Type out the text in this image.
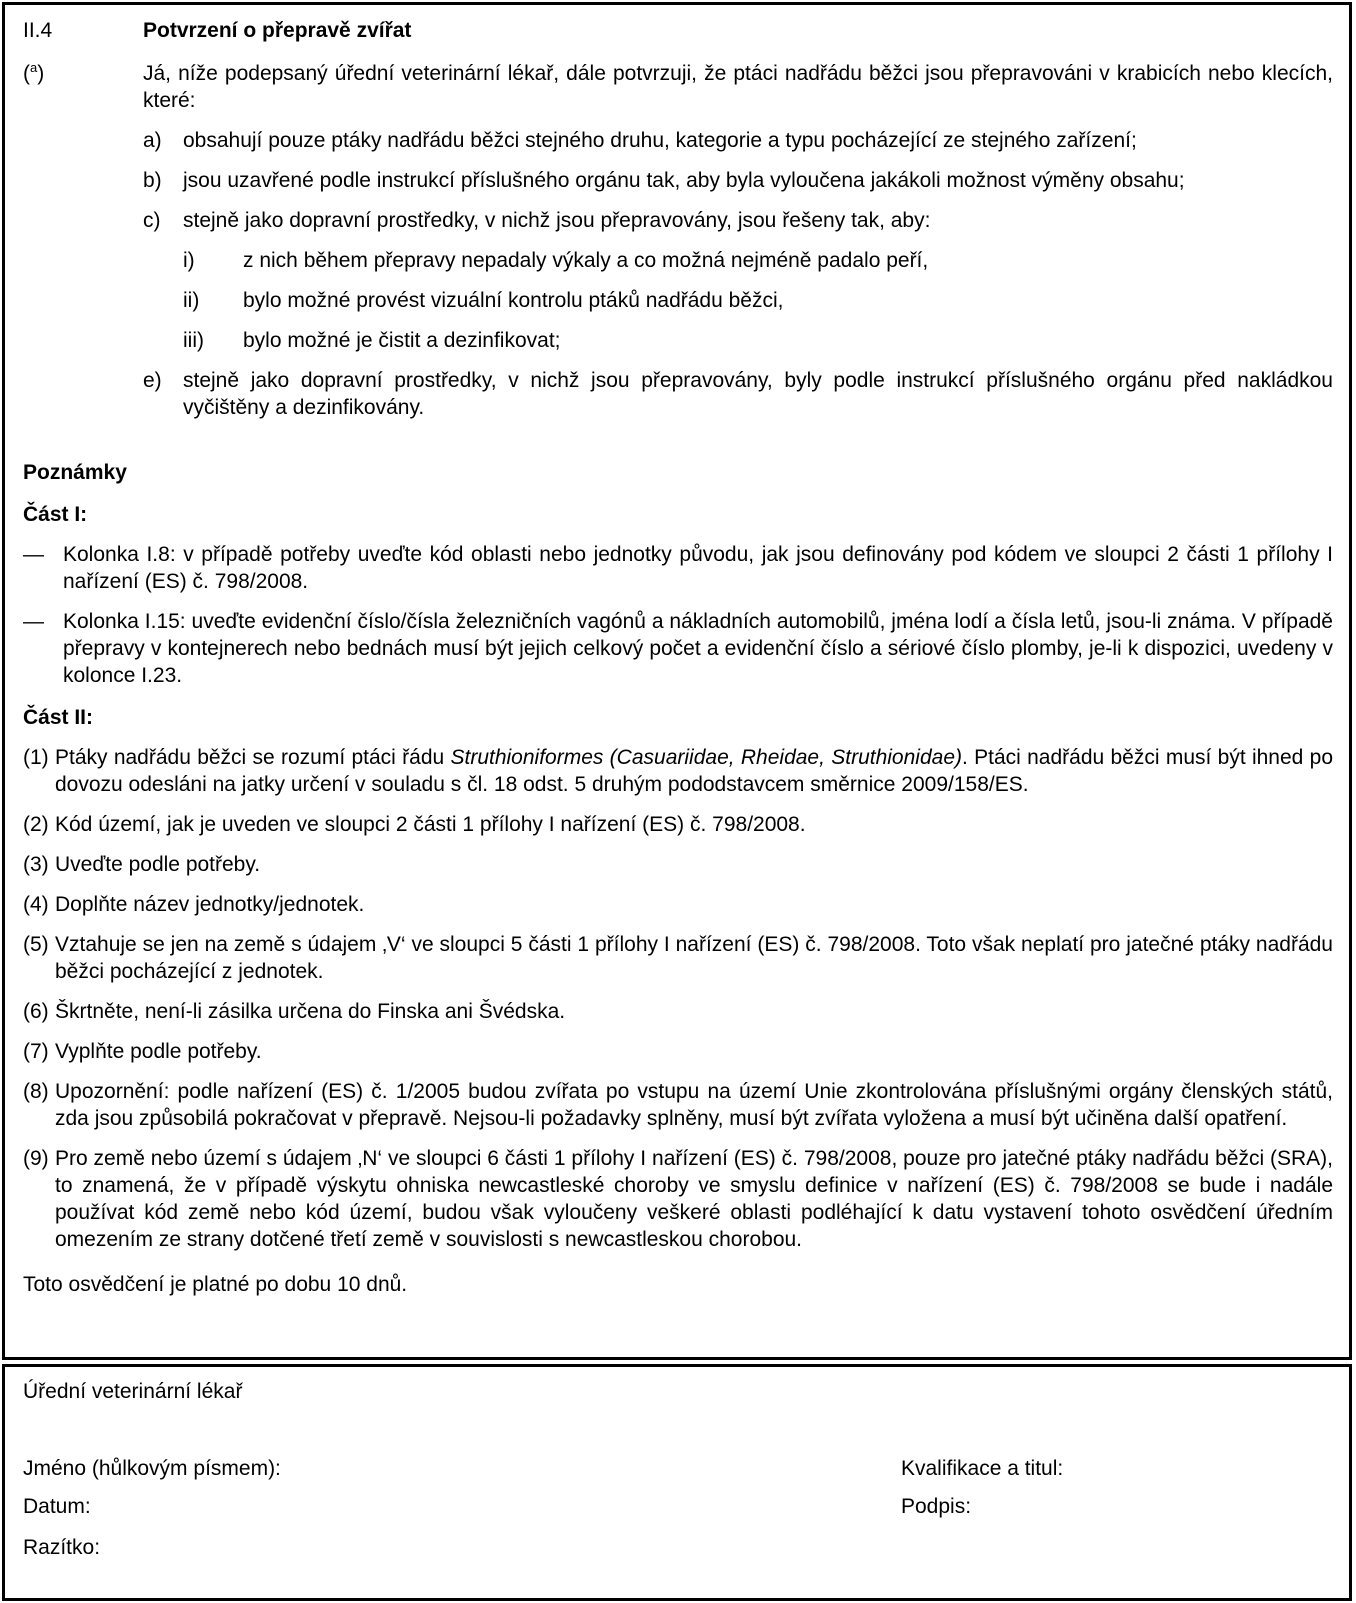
II.4	Potvrzení o přepravě zvířat
($^a$)	Já, níže podepsaný úřední veterinární lékař, dále potvrzuji, že ptáci nadřádu běžci jsou přepravováni v krabicích nebo klecích, které:
a)	obsahují pouze ptáky nadřádu běžci stejného druhu, kategorie a typu pocházející ze stejného zařízení;
b)	jsou uzavřené podle instrukcí příslušného orgánu tak, aby byla vyloučena jakákoli možnost výměny obsahu;
c)	stejně jako dopravní prostředky, v nichž jsou přepravovány, jsou řešeny tak, aby:
i)	z nich během přepravy nepadaly výkaly a co možná nejméně padalo peří,
ii)	bylo možné provést vizuální kontrolu ptáků nadřádu běžci,
iii)	bylo možné je čistit a dezinfikovat;
e)	stejně jako dopravní prostředky, v nichž jsou přepravovány, byly podle instrukcí příslušného orgánu před nakládkou vyčištěny a dezinfikovány.
Poznámky
Část I:
— Kolonka I.8: v případě potřeby uveďte kód oblasti nebo jednotky původu, jak jsou definovány pod kódem ve sloupci 2 části 1 přílohy I nařízení (ES) č. 798/2008.
— Kolonka I.15: uveďte evidenční číslo/čísla železničních vagónů a nákladních automobilů, jména lodí a čísla letů, jsou-li známa. V případě přepravy v kontejnerech nebo bednách musí být jejich celkový počet a evidenční číslo a sériové číslo plomby, je-li k dispozici, uvedeny v kolonce I.23.
Část II:
(1) Ptáky nadřádu běžci se rozumí ptáci řádu Struthioniformes (Casuariidae, Rheidae, Struthionidae). Ptáci nadřádu běžci musí být ihned po dovozu odesláni na jatky určení v souladu s čl. 18 odst. 5 druhým pododstavcem směrnice 2009/158/ES.
(2) Kód území, jak je uveden ve sloupci 2 části 1 přílohy I nařízení (ES) č. 798/2008.
(3) Uveďte podle potřeby.
(4) Doplňte název jednotky/jednotek.
(5) Vztahuje se jen na země s údajem ‚V‘ ve sloupci 5 části 1 přílohy I nařízení (ES) č. 798/2008. Toto však neplatí pro jatečné ptáky nadřádu běžci pocházející z jednotek.
(6) Škrtněte, není-li zásilka určena do Finska ani Švédska.
(7) Vyplňte podle potřeby.
(8) Upozornění: podle nařízení (ES) č. 1/2005 budou zvířata po vstupu na území Unie zkontrolována příslušnými orgány členských států, zda jsou způsobilá pokračovat v přepravě. Nejsou-li požadavky splněny, musí být zvířata vyložena a musí být učiněna další opatření.
(9) Pro země nebo území s údajem ‚N‘ ve sloupci 6 části 1 přílohy I nařízení (ES) č. 798/2008, pouze pro jatečné ptáky nadřádu běžci (SRA), to znamená, že v případě výskytu ohniska newcastleské choroby ve smyslu definice v nařízení (ES) č. 798/2008 se bude i nadále používat kód země nebo kód území, budou však vyloučeny veškeré oblasti podléhající k datu vystavení tohoto osvědčení úředním omezením ze strany dotčené třetí země v souvislosti s newcastleskou chorobou.
Toto osvědčení je platné po dobu 10 dnů.
Úřední veterinární lékař
Jméno (hůlkovým písmem):	Kvalifikace a titul:
Datum:	Podpis:
Razítko:
